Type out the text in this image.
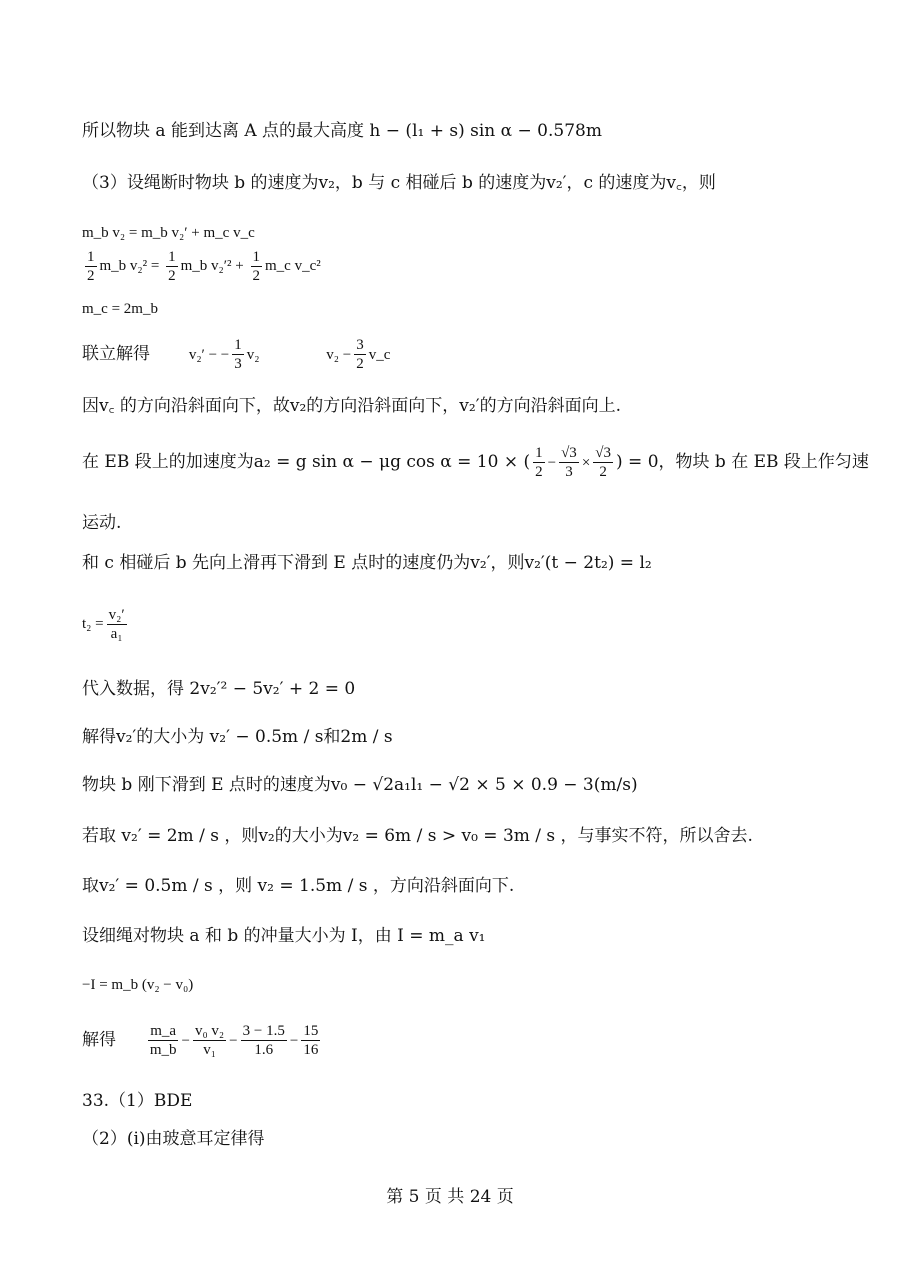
所以物块 a 能到达离 A 点的最大高度 h − (l₁ + s) sin α − 0.578m
（3）设绳断时物块 b 的速度为v₂，b 与 c 相碰后 b 的速度为v₂′，c 的速度为v꜀，则
m_b v₂ = m_b v₂′ + m_c v_c
$\frac{1}{2}$ m_b $v_2^2 = \frac{1}{2}$ m_b $v_2'^2 + \frac{1}{2}$ m_c v_c²
m_c = 2m_b
联立解得	v₂′ − − $\frac{1}{3} v_2$	$v_2 - \frac{3}{2}$ v_c
因v꜀ 的方向沿斜面向下，故v₂的方向沿斜面向下，v₂′的方向沿斜面向上.
在 EB 段上的加速度为a₂ = g sin α − μg cos α = 10 × ( $\frac{1}{2} - \frac{√3}{3} \times \frac{√3}{2}$ ) = 0，物块 b 在 EB 段上作匀速
运动.
和 c 相碰后 b 先向上滑再下滑到 E 点时的速度仍为v₂′，则v₂′(t − 2t₂) = l₂
$t_2 = \frac{\text{v₂′}}{\text{a₁}}$
代入数据，得 2v₂′² − 5v₂′ + 2 = 0
解得v₂′的大小为 v₂′ − 0.5m / s和2m / s
物块 b 刚下滑到 E 点时的速度为v₀ − √2a₁l₁ − √2 × 5 × 0.9 − 3(m/s)
若取 v₂′ = 2m / s ，则v₂的大小为v₂ = 6m / s > v₀ = 3m / s ，与事实不符，所以舍去.
取v₂′ = 0.5m / s ，则 v₂ = 1.5m / s ，方向沿斜面向下.
设细绳对物块 a 和 b 的冲量大小为 I，由 I = m_a v₁
−I = m_b (v₂ − v₀)
解得 $\frac{m\_a}{m\_b} - \frac{\text{v₀ v₂}}{\text{v₁}} - \frac{3 - 1.5}{1.6} - \frac{15}{16}$
33.（1）BDE
（2）(i)由玻意耳定律得
第 5 页 共 24 页
